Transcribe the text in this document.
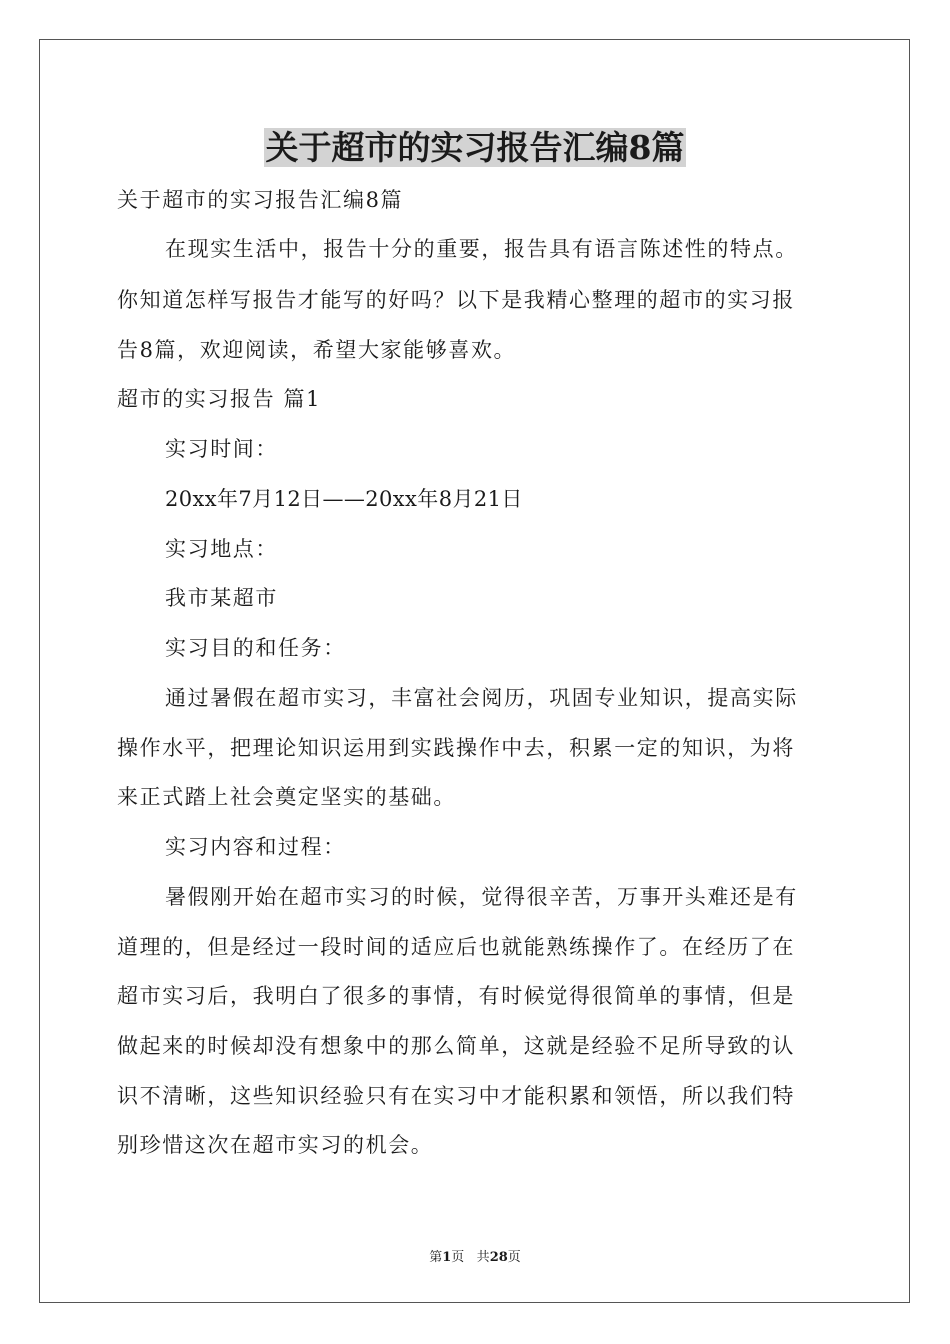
关于超市的实习报告汇编8篇

关于超市的实习报告汇编8篇

在现实生活中，报告十分的重要，报告具有语言陈述性的特点。

你知道怎样写报告才能写的好吗？以下是我精心整理的超市的实习报

告8篇，欢迎阅读，希望大家能够喜欢。

超市的实习报告 篇1

实习时间：

20xx年7月12日——20xx年8月21日

实习地点：

我市某超市

实习目的和任务：

通过暑假在超市实习，丰富社会阅历，巩固专业知识，提高实际

操作水平，把理论知识运用到实践操作中去，积累一定的知识，为将

来正式踏上社会奠定坚实的基础。

实习内容和过程：

暑假刚开始在超市实习的时候，觉得很辛苦，万事开头难还是有

道理的，但是经过一段时间的适应后也就能熟练操作了。在经历了在

超市实习后，我明白了很多的事情，有时候觉得很简单的事情，但是

做起来的时候却没有想象中的那么简单，这就是经验不足所导致的认

识不清晰，这些知识经验只有在实习中才能积累和领悟，所以我们特

别珍惜这次在超市实习的机会。

第1页 共28页
